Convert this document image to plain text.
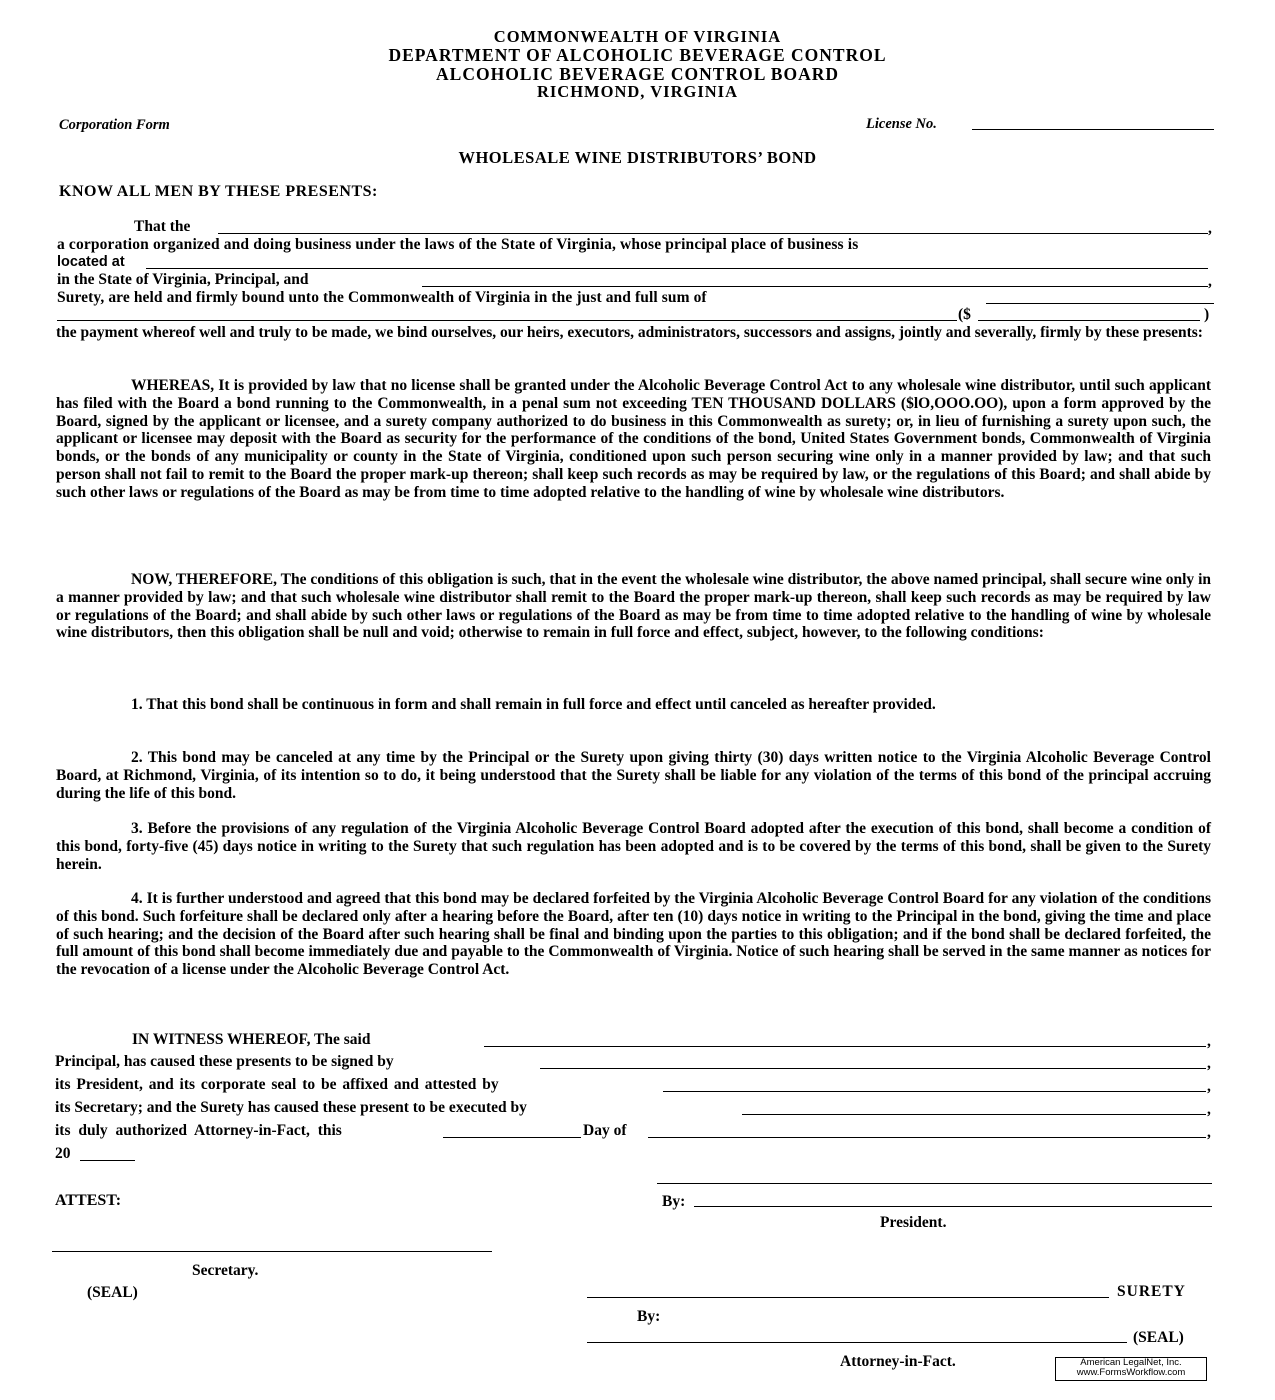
COMMONWEALTH OF VIRGINIA
DEPARTMENT OF ALCOHOLIC BEVERAGE CONTROL
ALCOHOLIC BEVERAGE CONTROL BOARD
RICHMOND, VIRGINIA
Corporation Form	License No.
WHOLESALE WINE DISTRIBUTORS’ BOND
KNOW ALL MEN BY THESE PRESENTS:
That the	,
a corporation organized and doing business under the laws of the State of Virginia, whose principal place of business is
located at
in the State of Virginia, Principal, and	,
Surety, are held and firmly bound unto the Commonwealth of Virginia in the just and full sum of
($	)

the payment whereof well and truly to be made, we bind ourselves, our heirs, executors, administrators, successors and assigns, jointly and severally, firmly by these presents:

WHEREAS, It is provided by law that no license shall be granted under the Alcoholic Beverage Control Act to any wholesale wine distributor, until such applicant has filed with the Board a bond running to the Commonwealth, in a penal sum not exceeding TEN THOUSAND DOLLARS ($lO,OOO.OO), upon a form approved by the Board, signed by the applicant or licensee, and a surety company authorized to do business in this Commonwealth as surety; or, in lieu of furnishing a surety upon such, the applicant or licensee may deposit with the Board as security for the performance of the conditions of the bond, United States Government bonds, Commonwealth of Virginia bonds, or the bonds of any municipality or county in the State of Virginia, conditioned upon such person securing wine only in a manner provided by law; and that such person shall not fail to remit to the Board the proper mark-up thereon; shall keep such records as may be required by law, or the regulations of this Board; and shall abide by such other laws or regulations of the Board as may be from time to time adopted relative to the handling of wine by wholesale wine distributors.

NOW, THEREFORE, The conditions of this obligation is such, that in the event the wholesale wine distributor, the above named principal, shall secure wine only in a manner provided by law; and that such wholesale wine distributor shall remit to the Board the proper mark-up thereon, shall keep such records as may be required by law or regulations of the Board; and shall abide by such other laws or regulations of the Board as may be from time to time adopted relative to the handling of wine by wholesale wine distributors, then this obligation shall be null and void; otherwise to remain in full force and effect, subject, however, to the following conditions:

1. That this bond shall be continuous in form and shall remain in full force and effect until canceled as hereafter provided.

2. This bond may be canceled at any time by the Principal or the Surety upon giving thirty (30) days written notice to the Virginia Alcoholic Beverage Control Board, at Richmond, Virginia, of its intention so to do, it being understood that the Surety shall be liable for any violation of the terms of this bond of the principal accruing during the life of this bond.

3. Before the provisions of any regulation of the Virginia Alcoholic Beverage Control Board adopted after the execution of this bond, shall become a condition of this bond, forty-five (45) days notice in writing to the Surety that such regulation has been adopted and is to be covered by the terms of this bond, shall be given to the Surety herein.

4. It is further understood and agreed that this bond may be declared forfeited by the Virginia Alcoholic Beverage Control Board for any violation of the conditions of this bond. Such forfeiture shall be declared only after a hearing before the Board, after ten (10) days notice in writing to the Principal in the bond, giving the time and place of such hearing; and the decision of the Board after such hearing shall be final and binding upon the parties to this obligation; and if the bond shall be declared forfeited, the full amount of this bond shall become immediately due and payable to the Commonwealth of Virginia. Notice of such hearing shall be served in the same manner as notices for the revocation of a license under the Alcoholic Beverage Control Act.

IN WITNESS WHEREOF, The said	,
Principal, has caused these presents to be signed by	,
its President, and its corporate seal to be affixed and attested by	,
its Secretary; and the Surety has caused these present to be executed by	,
its duly authorized Attorney-in-Fact, this	Day of	,
20
ATTEST:	By:
President.
Secretary.
(SEAL)	SURETY
By:
(SEAL)
Attorney-in-Fact.	American LegalNet, Inc.
www.FormsWorkflow.com
